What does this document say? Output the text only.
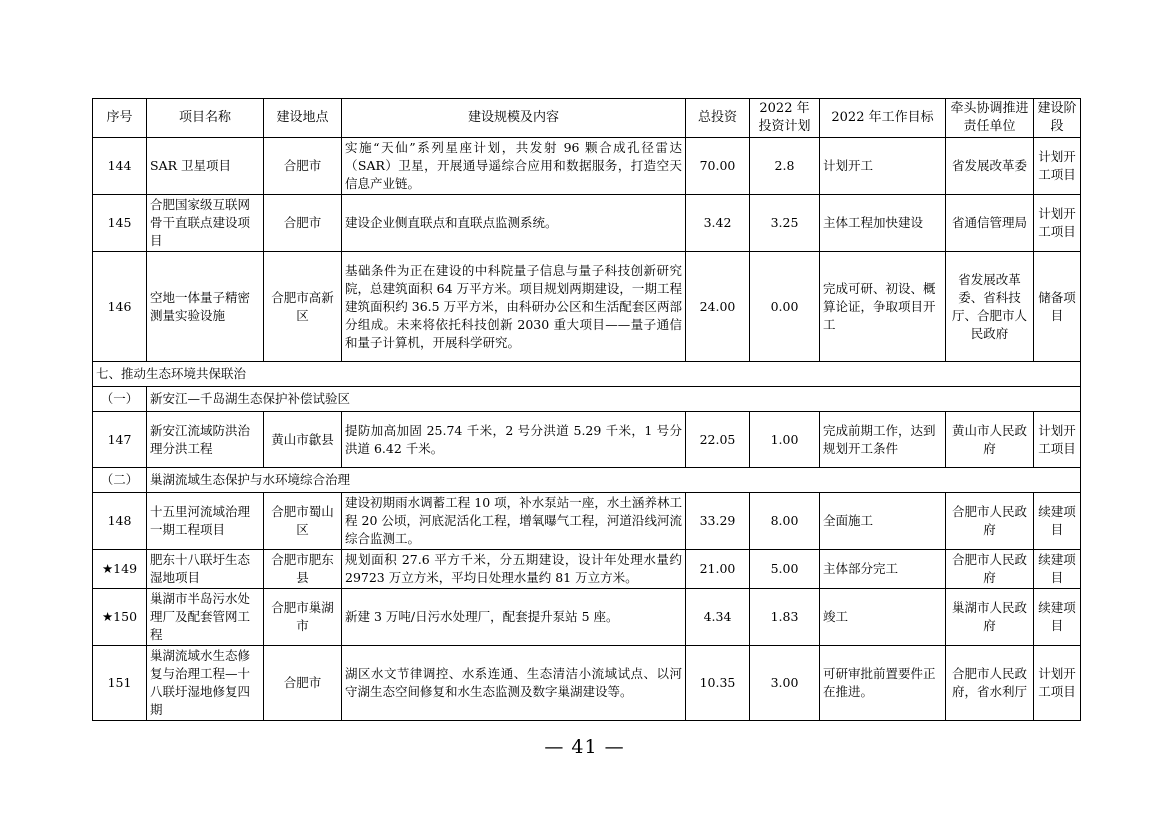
序号	项目名称	建设地点	建设规模及内容	总投资	2022 年投资计划	2022 年工作目标	牵头协调推进责任单位	建设阶段
144	SAR 卫星项目	合肥市	实施“天仙”系列星座计划，共发射 96 颗合成孔径雷达（SAR）卫星，开展通导遥综合应用和数据服务，打造空天信息产业链。	70.00	2.8	计划开工	省发展改革委	计划开工项目
145	合肥国家级互联网骨干直联点建设项目	合肥市	建设企业侧直联点和直联点监测系统。	3.42	3.25	主体工程加快建设	省通信管理局	计划开工项目
146	空地一体量子精密测量实验设施	合肥市高新区	基础条件为正在建设的中科院量子信息与量子科技创新研究院，总建筑面积 64 万平方米。项目规划两期建设，一期工程建筑面积约 36.5 万平方米，由科研办公区和生活配套区两部分组成。未来将依托科技创新 2030 重大项目——量子通信和量子计算机，开展科学研究。	24.00	0.00	完成可研、初设、概算论证，争取项目开工	省发展改革委、省科技厅、合肥市人民政府	储备项目
七、推动生态环境共保联治								
（一）	新安江—千岛湖生态保护补偿试验区							
147	新安江流域防洪治理分洪工程	黄山市歙县	提防加高加固 25.74 千米，2 号分洪道 5.29 千米，1 号分洪道 6.42 千米。	22.05	1.00	完成前期工作，达到规划开工条件	黄山市人民政府	计划开工项目
（二）	巢湖流域生态保护与水环境综合治理							
148	十五里河流域治理一期工程项目	合肥市蜀山区	建设初期雨水调蓄工程 10 项，补水泵站一座，水土涵养林工程 20 公顷，河底泥活化工程，增氧曝气工程，河道沿线河流综合监测工。	33.29	8.00	全面施工	合肥市人民政府	续建项目
★149	肥东十八联圩生态湿地项目	合肥市肥东县	规划面积 27.6 平方千米，分五期建设，设计年处理水量约29723 万立方米，平均日处理水量约 81 万立方米。	21.00	5.00	主体部分完工	合肥市人民政府	续建项目
★150	巢湖市半岛污水处理厂及配套管网工程	合肥市巢湖市	新建 3 万吨/日污水处理厂，配套提升泵站 5 座。	4.34	1.83	竣工	巢湖市人民政府	续建项目
151	巢湖流域水生态修复与治理工程—十八联圩湿地修复四期	合肥市	湖区水文节律调控、水系连通、生态清洁小流域试点、以河守湖生态空间修复和水生态监测及数字巢湖建设等。	10.35	3.00	可研审批前置要件正在推进。	合肥市人民政府，省水利厅	计划开工项目
— 41 —
